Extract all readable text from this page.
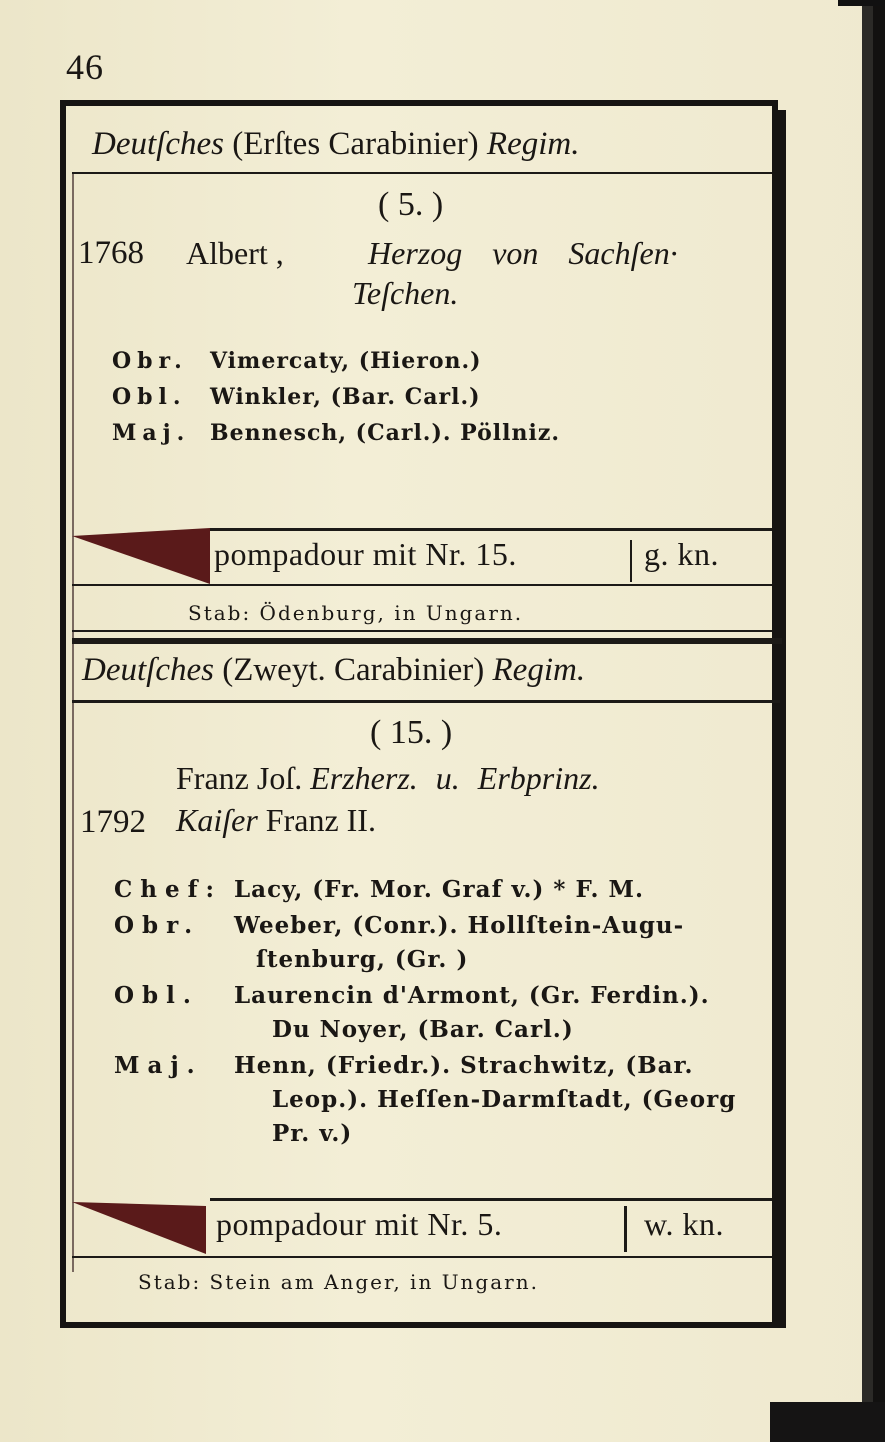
46
Deutſches (Erſtes Carabinier) Regim.
( 5. )
1768 Albert ,	Herzog von Sachſen·
Teſchen.
Obr. Vimercaty, (Hieron.)
Obl. Winkler, (Bar. Carl.)
Maj. Bennesch, (Carl.). Pöllniz.
pompadour mit Nr. 15.	g. kn.
Stab: Ödenburg, in Ungarn.
Deutſches (Zweyt. Carabinier) Regim.
( 15. )
Franz Joſ. Erzherz. u. Erbprinz.
1792 Kaiſer Franz II.
Chef: Lacy, (Fr. Mor. Graf v.) * F. M.
Obr. Weeber, (Conr.). Hollſtein-Augu-
ſtenburg, (Gr. )
Obl. Laurencin d'Armont, (Gr. Ferdin.).
Du Noyer, (Bar. Carl.)
Maj. Henn, (Friedr.). Strachwitz, (Bar.
Leop.). Heſſen-Darmſtadt, (Georg
Pr. v.)
pompadour mit Nr. 5.	w. kn.
Stab: Stein am Anger, in Ungarn.
